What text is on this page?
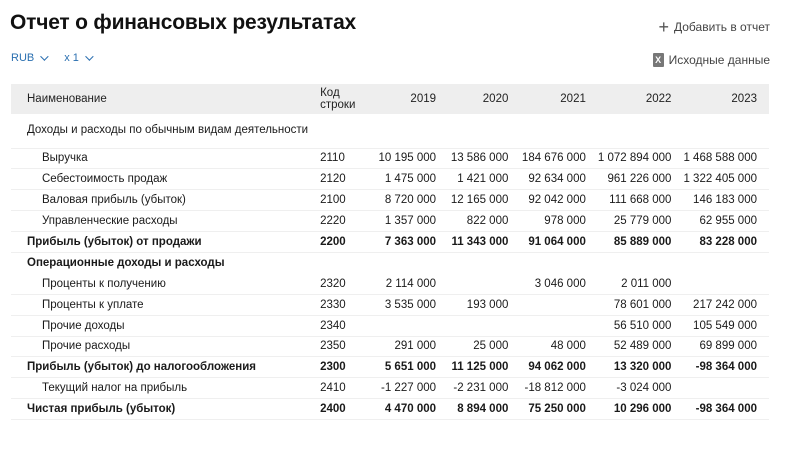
Отчет о финансовых результатах	+ Добавить в отчет
RUB	x 1	X Исходные данные
Наименование	Код строки	2019	2020	2021	2022	2023
Доходы и расходы по обычным видам деятельности						
Выручка	2110	10 195 000	13 586 000	184 676 000	1 072 894 000	1 468 588 000
Себестоимость продаж	2120	1 475 000	1 421 000	92 634 000	961 226 000	1 322 405 000
Валовая прибыль (убыток)	2100	8 720 000	12 165 000	92 042 000	111 668 000	146 183 000
Управленческие расходы	2220	1 357 000	822 000	978 000	25 779 000	62 955 000
Прибыль (убыток) от продажи	2200	7 363 000	11 343 000	91 064 000	85 889 000	83 228 000
Операционные доходы и расходы						
Проценты к получению	2320	2 114 000		3 046 000	2 011 000	
Проценты к уплате	2330	3 535 000	193 000		78 601 000	217 242 000
Прочие доходы	2340				56 510 000	105 549 000
Прочие расходы	2350	291 000	25 000	48 000	52 489 000	69 899 000
Прибыль (убыток) до налогообложения	2300	5 651 000	11 125 000	94 062 000	13 320 000	-98 364 000
Текущий налог на прибыль	2410	-1 227 000	-2 231 000	-18 812 000	-3 024 000	
Чистая прибыль (убыток)	2400	4 470 000	8 894 000	75 250 000	10 296 000	-98 364 000
